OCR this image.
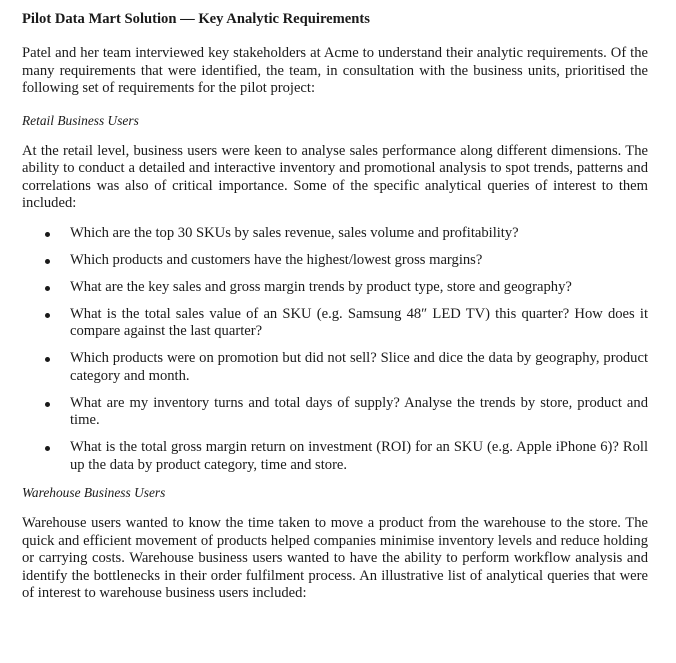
Pilot Data Mart Solution — Key Analytic Requirements

Patel and her team interviewed key stakeholders at Acme to understand their analytic requirements. Of the many requirements that were identified, the team, in consultation with the business units, prioritised the following set of requirements for the pilot project:

Retail Business Users

At the retail level, business users were keen to analyse sales performance along different dimensions. The ability to conduct a detailed and interactive inventory and promotional analysis to spot trends, patterns and correlations was also of critical importance. Some of the specific analytical queries of interest to them included:

Which are the top 30 SKUs by sales revenue, sales volume and profitability?
Which products and customers have the highest/lowest gross margins?
What are the key sales and gross margin trends by product type, store and geography?
What is the total sales value of an SKU (e.g. Samsung 48″ LED TV) this quarter? How does it compare against the last quarter?
Which products were on promotion but did not sell? Slice and dice the data by geography, product category and month.
What are my inventory turns and total days of supply? Analyse the trends by store, product and time.
What is the total gross margin return on investment (ROI) for an SKU (e.g. Apple iPhone 6)? Roll up the data by product category, time and store.
Warehouse Business Users

Warehouse users wanted to know the time taken to move a product from the warehouse to the store. The quick and efficient movement of products helped companies minimise inventory levels and reduce holding or carrying costs. Warehouse business users wanted to have the ability to perform workflow analysis and identify the bottlenecks in their order fulfilment process. An illustrative list of analytical queries that were of interest to warehouse business users included:
